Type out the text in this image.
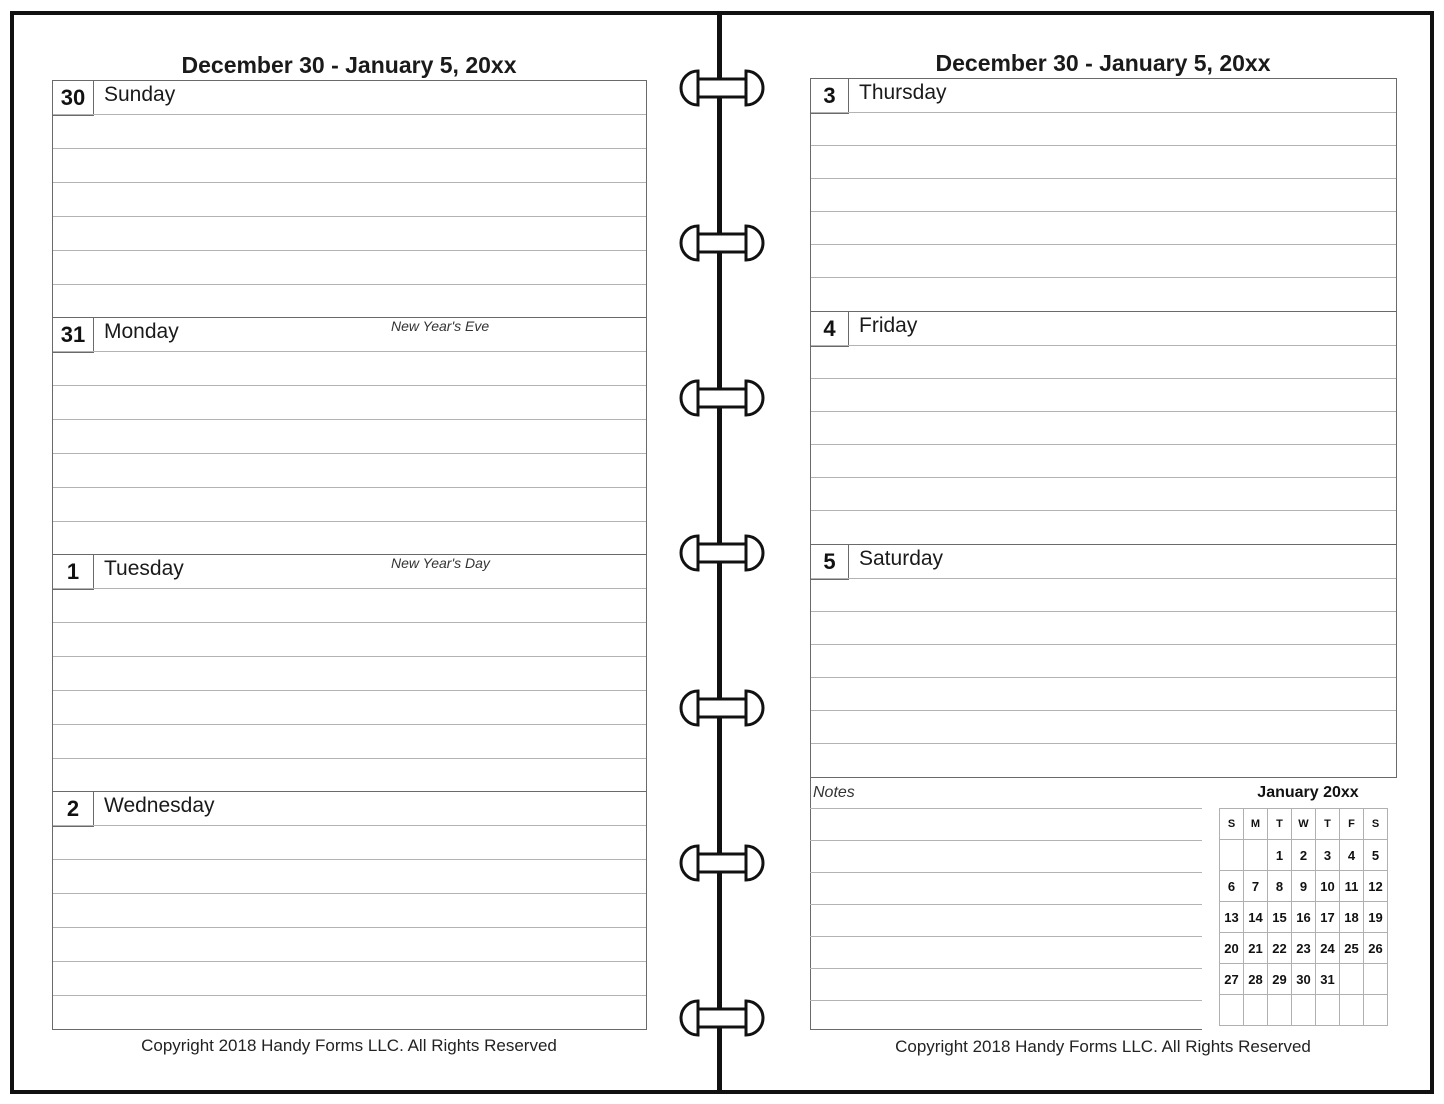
December 30 - January 5, 20xx
30 Sunday
31 Monday	New Year's Eve
1	Tuesday	New Year's Day
2	Wednesday
Copyright 2018 Handy Forms LLC. All Rights Reserved
December 30 - January 5, 20xx
3	Thursday
4	Friday
5	Saturday
Notes	January 20xx
S	M	T	W	T	F	S
		1	2	3	4	5
6	7	8	9	10	11	12
13	14	15	16	17	18	19
20	21	22	23	24	25	26
27	28	29	30	31		

Copyright 2018 Handy Forms LLC. All Rights Reserved
